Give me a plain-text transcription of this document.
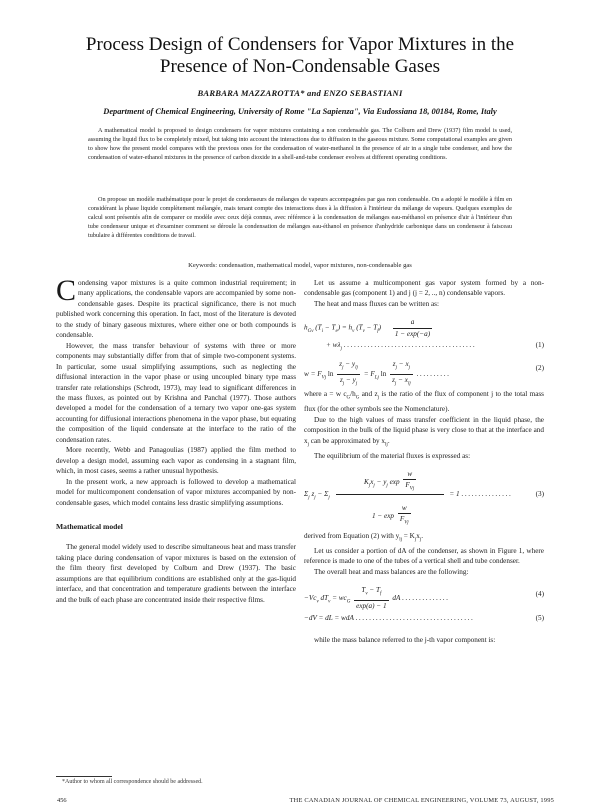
Process Design of Condensers for Vapor Mixtures in the Presence of Non-Condensable Gases
BARBARA MAZZAROTTA* and ENZO SEBASTIANI
Department of Chemical Engineering, University of Rome "La Sapienza", Via Eudossiana 18, 00184, Rome, Italy
A mathematical model is proposed to design condensers for vapor mixtures containing a non condensable gas. The Colburn and Drew (1937) film model is used, assuming the liquid flux to be completely mixed, but taking into account the interactions due to diffusion in the gaseous mixture. Some computational examples are given to show how the present model compares with the previous ones for the condensation of water-methanol in the presence of air in a single tube condenser, and how the condensation of water-ethanol mixtures in the presence of carbon dioxide in a shell-and-tube condenser evolves at different operating conditions.
On propose un modèle mathématique pour le projet de condenseurs de mélanges de vapeurs accompagnées par gas non condensable. On a adopté le modèle à film en considérant la phase liquide complètement mélangée, mais tenant compte des interactions dues à la diffusion à l'intérieur du mélange de vapeurs. Quelques exemples de calcul sont présentés afin de comparer ce modèle avec ceux déjà connus, avec référence à la condensation de mélanges eau-méthanol en présence d'air à l'intérieur d'un tube condenseur unique et d'examiner comment se déroule la condensation de mélanges eau-éthanol en présence d'anhydride carbonique dans un condenseur à faisceau tubulaire à différentes conditions de travail.
Keywords: condensation, mathematical model, vapor mixtures, non-condensable gas

Condensing vapor mixtures is a quite common industrial requirement; in many applications, the condensable vapors are accompanied by some non-condensable gases. Despite its practical significance, there is not much published work concerning this operation. In fact, most of the literature is devoted to the study of binary gaseous mixtures, where either one or both compounds is condensable.

However, the mass transfer behaviour of systems with three or more components may substantially differ from that of simple two-component systems. In particular, some usual simplifying assumptions, such as neglecting the diffusional interaction in the vapor phase or using uncoupled binary type mass transfer rate relationships (Schrodt, 1973), may lead to significant differences in the mass fluxes, as pointed out by Krishna and Panchal (1977). Those authors developed a model for the condensation of a ternary two vapor one-gas system accounting for diffusional interactions phenomena in the vapor phase, but equating the composition of the liquid condensate at the interface to the ratio of the condensation rates.

More recently, Webb and Panagoulias (1987) applied the film method to develop a design model, assuming each vapor as condensing in a stagnant film, which, in most cases, seems a rather unusual hypothesis.

In the present work, a new approach is followed to develop a mathematical model for multicomponent condensation of vapor mixtures accompanied by non-condensable gases, which model contains less drastic simplifying assumptions.

Mathematical model

The general model widely used to describe simultaneous heat and mass transfer taking place during condensation of vapor mixtures is based on the extension of the film theory first developed by Colburn and Drew (1937). The basic assumptions are that equilibrium conditions are established only at the gas-liquid interface, and that concentration and temperature gradients between the interface and the bulk of each phase are concentrated inside their respective films.

Let us assume a multicomponent gas vapor system formed by a non-condensable gas (component 1) and j (j = 2, .., n) condensable vapors.

The heat and mass fluxes can be written as:

$h_{Gv}$ $(T_i - T_e) = h_v$ $(T_v - T_f) \frac{a}{1 - \exp(-a)}$
+ $w\lambda_j$ .......................................	(1)
$w = F_{Vj}$ $\ln \frac{z_j - y_{lj}}{z_j - y_j} = F_{Lj}$ $\ln \frac{z_j - x_j}{z_j - x_{lj}}$ ..........
(2)

where a = w $c_G/h_G$ and $z_j$ is the ratio of the flux of component j to the total mass flux (for the other symbols see the Nomenclature).

Due to the high values of mass transfer coefficient in the liquid phase, the composition in the bulk of the liquid phase is very close to that at the interface and $x_j$ can be approximated by $x_{lj}$.

The equilibrium of the material fluxes is expressed as:

$K_jx_j - y_j$ $\exp \frac{w}{F_{Vj}}$
$\Sigma_j$ $z_j - \Sigma_j$	= 1 ...............
$1 - \exp \frac{w}{F_{Vj}}$
(3)

derived from Equation (2) with $y_{lj} = K_jx_j$.

Let us consider a portion of dA of the condenser, as shown in Figure 1, where reference is made to one of the tubes of a vertical shell and tube condenser.

The overall heat and mass balances are the following:

$-Vc_v$ $dT_v = wc_G \frac{T_v - T_f}{\exp(a) - 1}$ dA ..............	(4)
−dV = dL = wdA ...................................	(5)

while the mass balance referred to the j-th vapor component is:

*Author to whom all correspondence should be addressed.
456	THE CANADIAN JOURNAL OF CHEMICAL ENGINEERING, VOLUME 73, AUGUST, 1995
